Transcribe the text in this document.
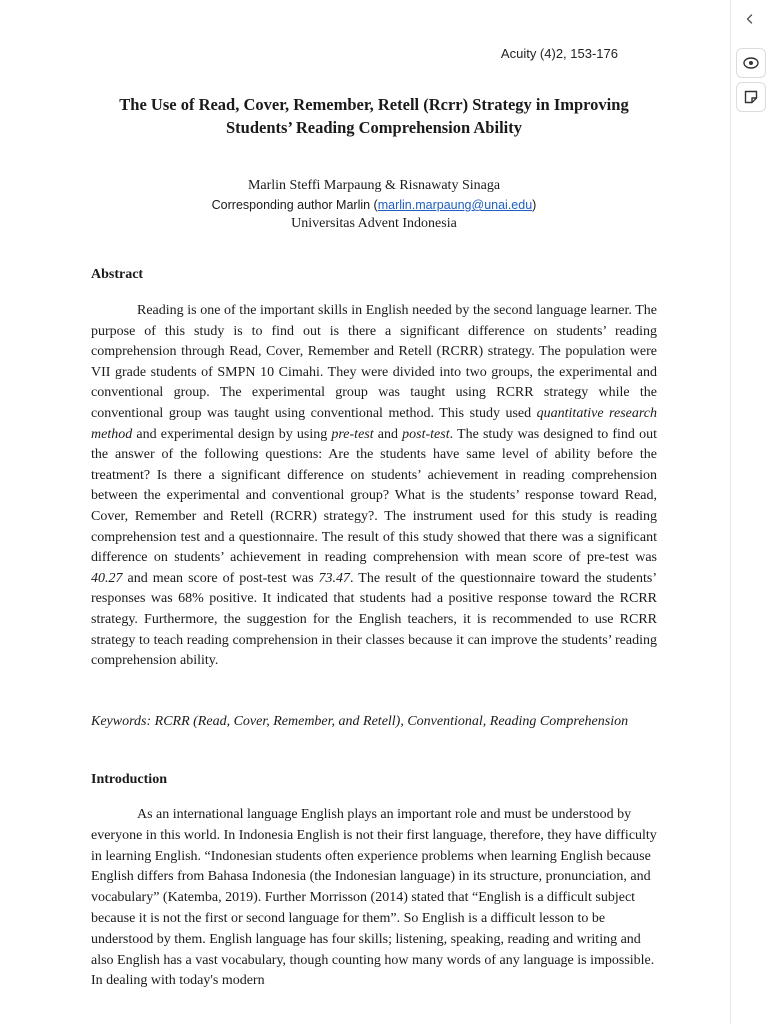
Acuity (4)2, 153-176
The Use of Read, Cover, Remember, Retell (Rcrr) Strategy in Improving Students’ Reading Comprehension Ability
Marlin Steffi Marpaung & Risnawaty Sinaga
Corresponding author Marlin (marlin.marpaung@unai.edu)
Universitas Advent Indonesia
Abstract

Reading is one of the important skills in English needed by the second language learner. The purpose of this study is to find out is there a significant difference on students’ reading comprehension through Read, Cover, Remember and Retell (RCRR) strategy. The population were VII grade students of SMPN 10 Cimahi. They were divided into two groups, the experimental and conventional group. The experimental group was taught using RCRR strategy while the conventional group was taught using conventional method. This study used quantitative research method and experimental design by using pre-test and post-test. The study was designed to find out the answer of the following questions: Are the students have same level of ability before the treatment? Is there a significant difference on students’ achievement in reading comprehension between the experimental and conventional group? What is the students’ response toward Read, Cover, Remember and Retell (RCRR) strategy?. The instrument used for this study is reading comprehension test and a questionnaire. The result of this study showed that there was a significant difference on students’ achievement in reading comprehension with mean score of pre-test was 40.27 and mean score of post-test was 73.47. The result of the questionnaire toward the students’ responses was 68% positive. It indicated that students had a positive response toward the RCRR strategy. Furthermore, the suggestion for the English teachers, it is recommended to use RCRR strategy to teach reading comprehension in their classes because it can improve the students’ reading comprehension ability.

Keywords: RCRR (Read, Cover, Remember, and Retell), Conventional, Reading Comprehension

Introduction

As an international language English plays an important role and must be understood by everyone in this world. In Indonesia English is not their first language, therefore, they have difficulty in learning English. “Indonesian students often experience problems when learning English because English differs from Bahasa Indonesia (the Indonesian language) in its structure, pronunciation, and vocabulary” (Katemba, 2019). Further Morrisson (2014) stated that “English is a difficult subject because it is not the first or second language for them”. So English is a difficult lesson to be understood by them. English language has four skills; listening, speaking, reading and writing and also English has a vast vocabulary, though counting how many words of any language is impossible. In dealing with today's modern
